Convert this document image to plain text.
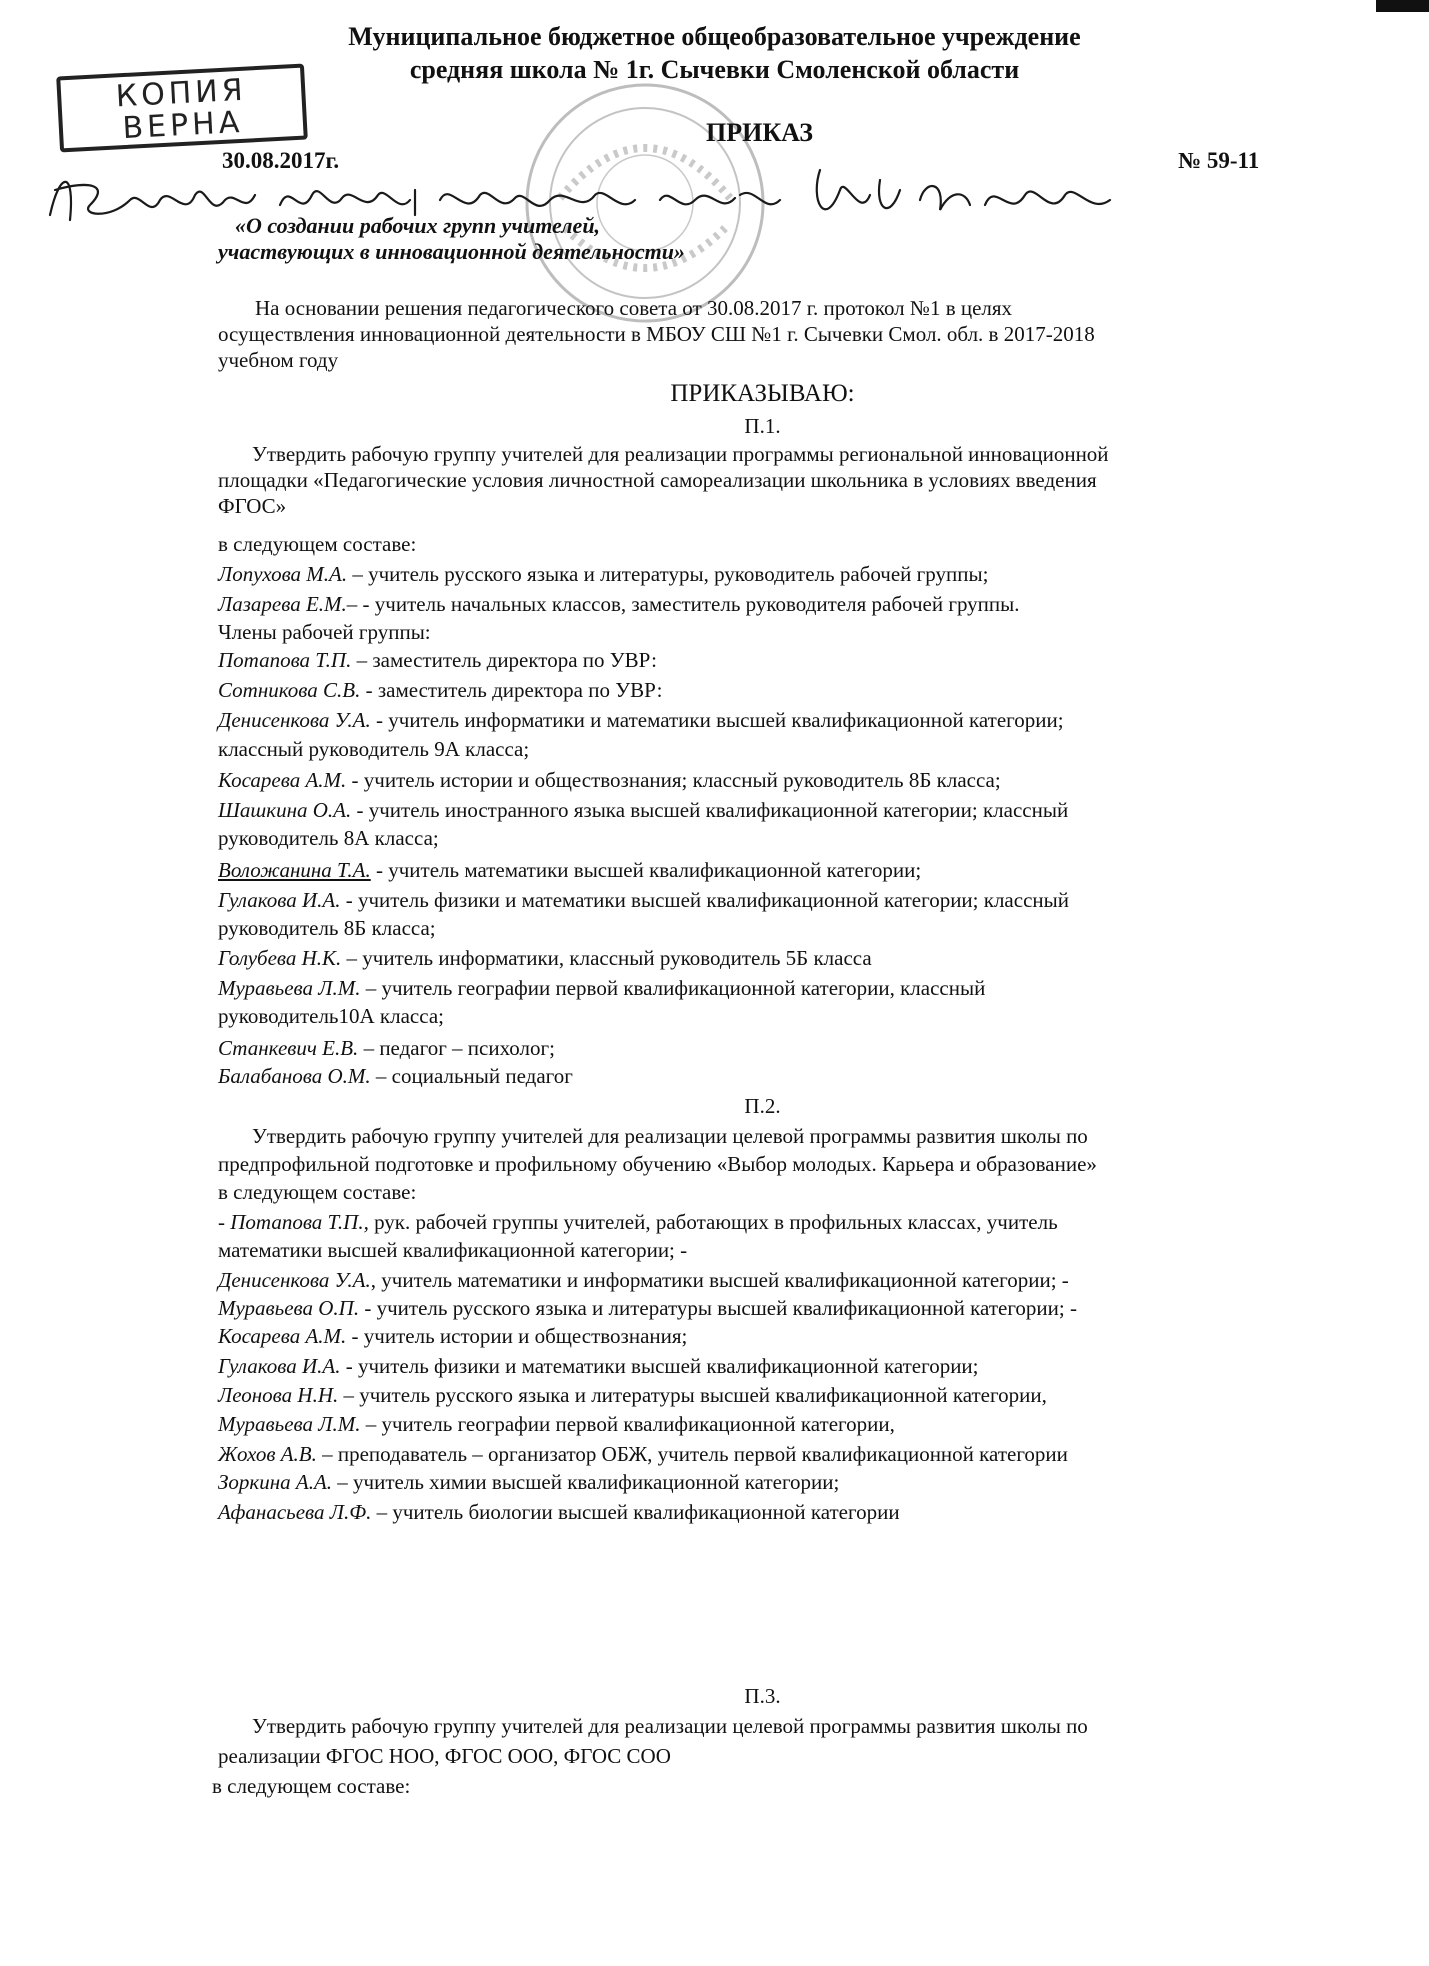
Муниципальное бюджетное общеобразовательное учреждение
средняя школа № 1г. Сычевки Смоленской области
КОПИЯ
ВЕРНА	ПРИКАЗ
30.08.2017г.	№ 59-11
«О создании рабочих групп учителей,
участвующих в инновационной деятельности»
На основании решения педагогического совета от 30.08.2017 г. протокол №1 в целях
осуществления инновационной деятельности в МБОУ СШ №1 г. Сычевки Смол. обл. в 2017-2018
учебном году
ПРИКАЗЫВАЮ:
П.1.
Утвердить рабочую группу учителей для реализации программы региональной инновационной
площадки «Педагогические условия личностной самореализации школьника в условиях введения
ФГОС»
в следующем составе:
Лопухова М.А. – учитель русского языка и литературы, руководитель рабочей группы;
Лазарева Е.М.– - учитель начальных классов, заместитель руководителя рабочей группы.
Члены рабочей группы:
Потапова Т.П. – заместитель директора по УВР:
Сотникова С.В. - заместитель директора по УВР:
Денисенкова У.А. - учитель информатики и математики высшей квалификационной категории;
классный руководитель 9А класса;
Косарева А.М. - учитель истории и обществознания; классный руководитель 8Б класса;
Шашкина О.А. - учитель иностранного языка высшей квалификационной категории; классный
руководитель 8А класса;
Воложанина Т.А. - учитель математики высшей квалификационной категории;
Гулакова И.А. - учитель физики и математики высшей квалификационной категории; классный
руководитель 8Б класса;
Голубева Н.К. – учитель информатики, классный руководитель 5Б класса
Муравьева Л.М. – учитель географии первой квалификационной категории, классный
руководитель10А класса;
Станкевич Е.В. – педагог – психолог;
Балабанова О.М. – социальный педагог
П.2.
Утвердить рабочую группу учителей для реализации целевой программы развития школы по
предпрофильной подготовке и профильному обучению «Выбор молодых. Карьера и образование»
в следующем составе:
- Потапова Т.П., рук. рабочей группы учителей, работающих в профильных классах, учитель
математики высшей квалификационной категории; -
Денисенкова У.А., учитель математики и информатики высшей квалификационной категории; -
Муравьева О.П. - учитель русского языка и литературы высшей квалификационной категории; -
Косарева А.М. - учитель истории и обществознания;
Гулакова И.А. - учитель физики и математики высшей квалификационной категории;
Леонова Н.Н. – учитель русского языка и литературы высшей квалификационной категории,
Муравьева Л.М. – учитель географии первой квалификационной категории,
Жохов А.В. – преподаватель – организатор ОБЖ, учитель первой квалификационной категории
Зоркина А.А. – учитель химии высшей квалификационной категории;
Афанасьева Л.Ф. – учитель биологии высшей квалификационной категории
П.3.
Утвердить рабочую группу учителей для реализации целевой программы развития школы по
реализации ФГОС НОО, ФГОС ООО, ФГОС СОО
в следующем составе:
